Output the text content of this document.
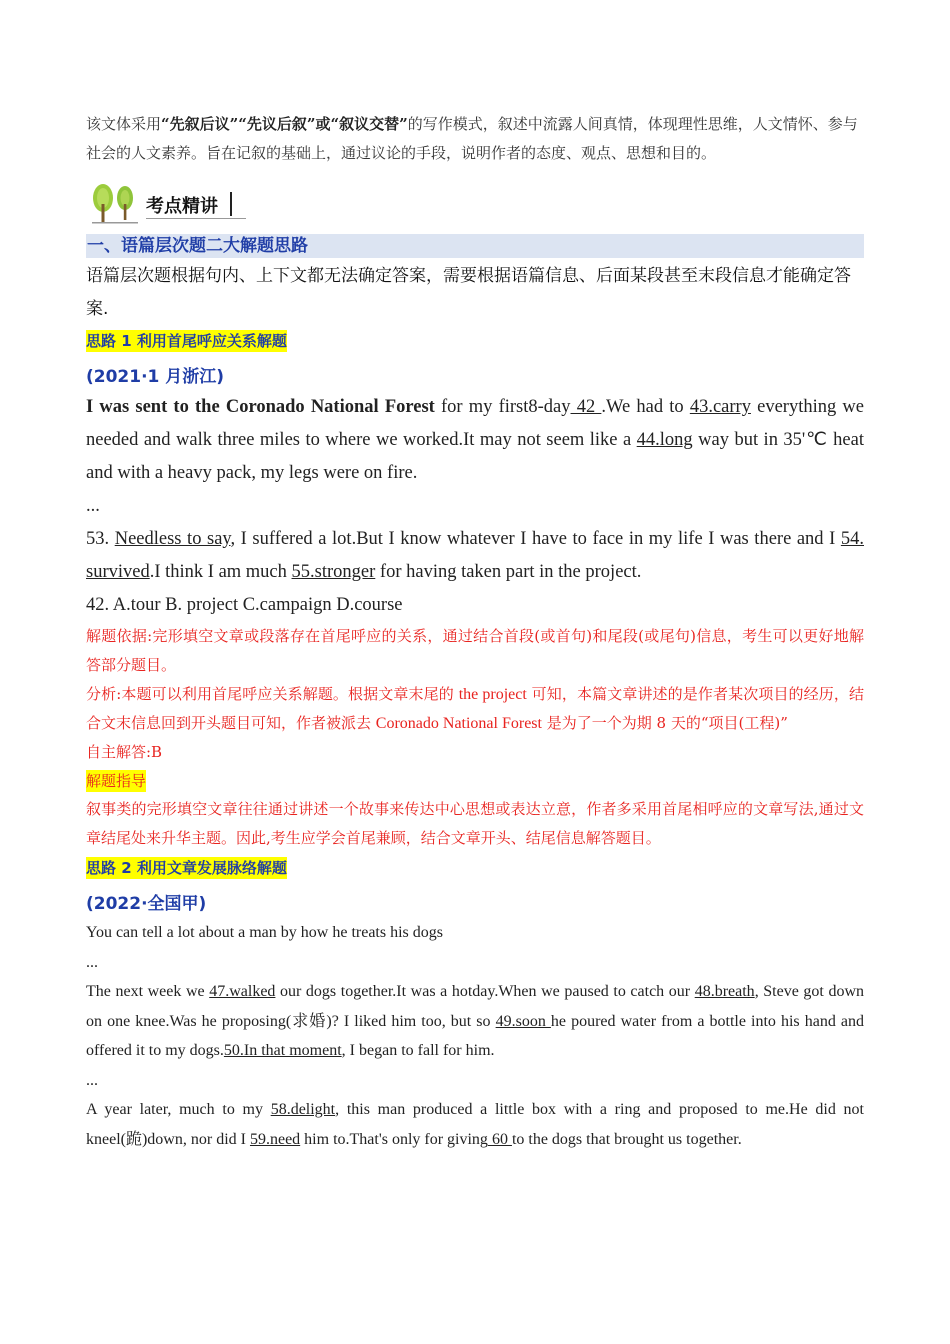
该文体采用“先叙后议”“先议后叙”或“叙议交替”的写作模式，叙述中流露人间真情，体现理性思维，人文情怀、参与社会的人文素养。旨在记叙的基础上，通过议论的手段，说明作者的态度、观点、思想和目的。

考点精讲
一、语篇层次题二大解题思路

语篇层次题根据句内、上下文都无法确定答案，需要根据语篇信息、后面某段甚至末段信息才能确定答案.

思路 1 利用首尾呼应关系解题
(2021·1 月浙江)

I was sent to the Coronado National Forest for my first8-day 42 .We had to 43.carry everything we needed and walk three miles to where we worked.It may not seem like a 44.long way but in 35'℃ heat and with a heavy pack, my legs were on fire.

...

53. Needless to say, I suffered a lot.But I know whatever I have to face in my life I was there and I 54. survived.I think I am much 55.stronger for having taken part in the project.

42. A.tour B. project C.campaign D.course

解题依据:完形填空文章或段落存在首尾呼应的关系，通过结合首段(或首句)和尾段(或尾句)信息，考生可以更好地解答部分题目。

分析:本题可以利用首尾呼应关系解题。根据文章末尾的 the project 可知，本篇文章讲述的是作者某次项目的经历，结合文末信息回到开头题目可知，作者被派去 Coronado National Forest 是为了一个为期 8 天的“项目(工程)”

自主解答:B

解题指导

叙事类的完形填空文章往往通过讲述一个故事来传达中心思想或表达立意，作者多采用首尾相呼应的文章写法,通过文章结尾处来升华主题。因此,考生应学会首尾兼顾，结合文章开头、结尾信息解答题目。

思路 2 利用文章发展脉络解题
(2022·全国甲)

You can tell a lot about a man by how he treats his dogs

...

The next week we 47.walked our dogs together.It was a hotday.When we paused to catch our 48.breath, Steve got down on one knee.Was he proposing(求婚)? I liked him too, but so 49.soon he poured water from a bottle into his hand and offered it to my dogs.50.In that moment, I began to fall for him.

...

A year later, much to my 58.delight, this man produced a little box with a ring and proposed to me.He did not kneel(跪)down, nor did I 59.need him to.That's only for giving 60 to the dogs that brought us together.
